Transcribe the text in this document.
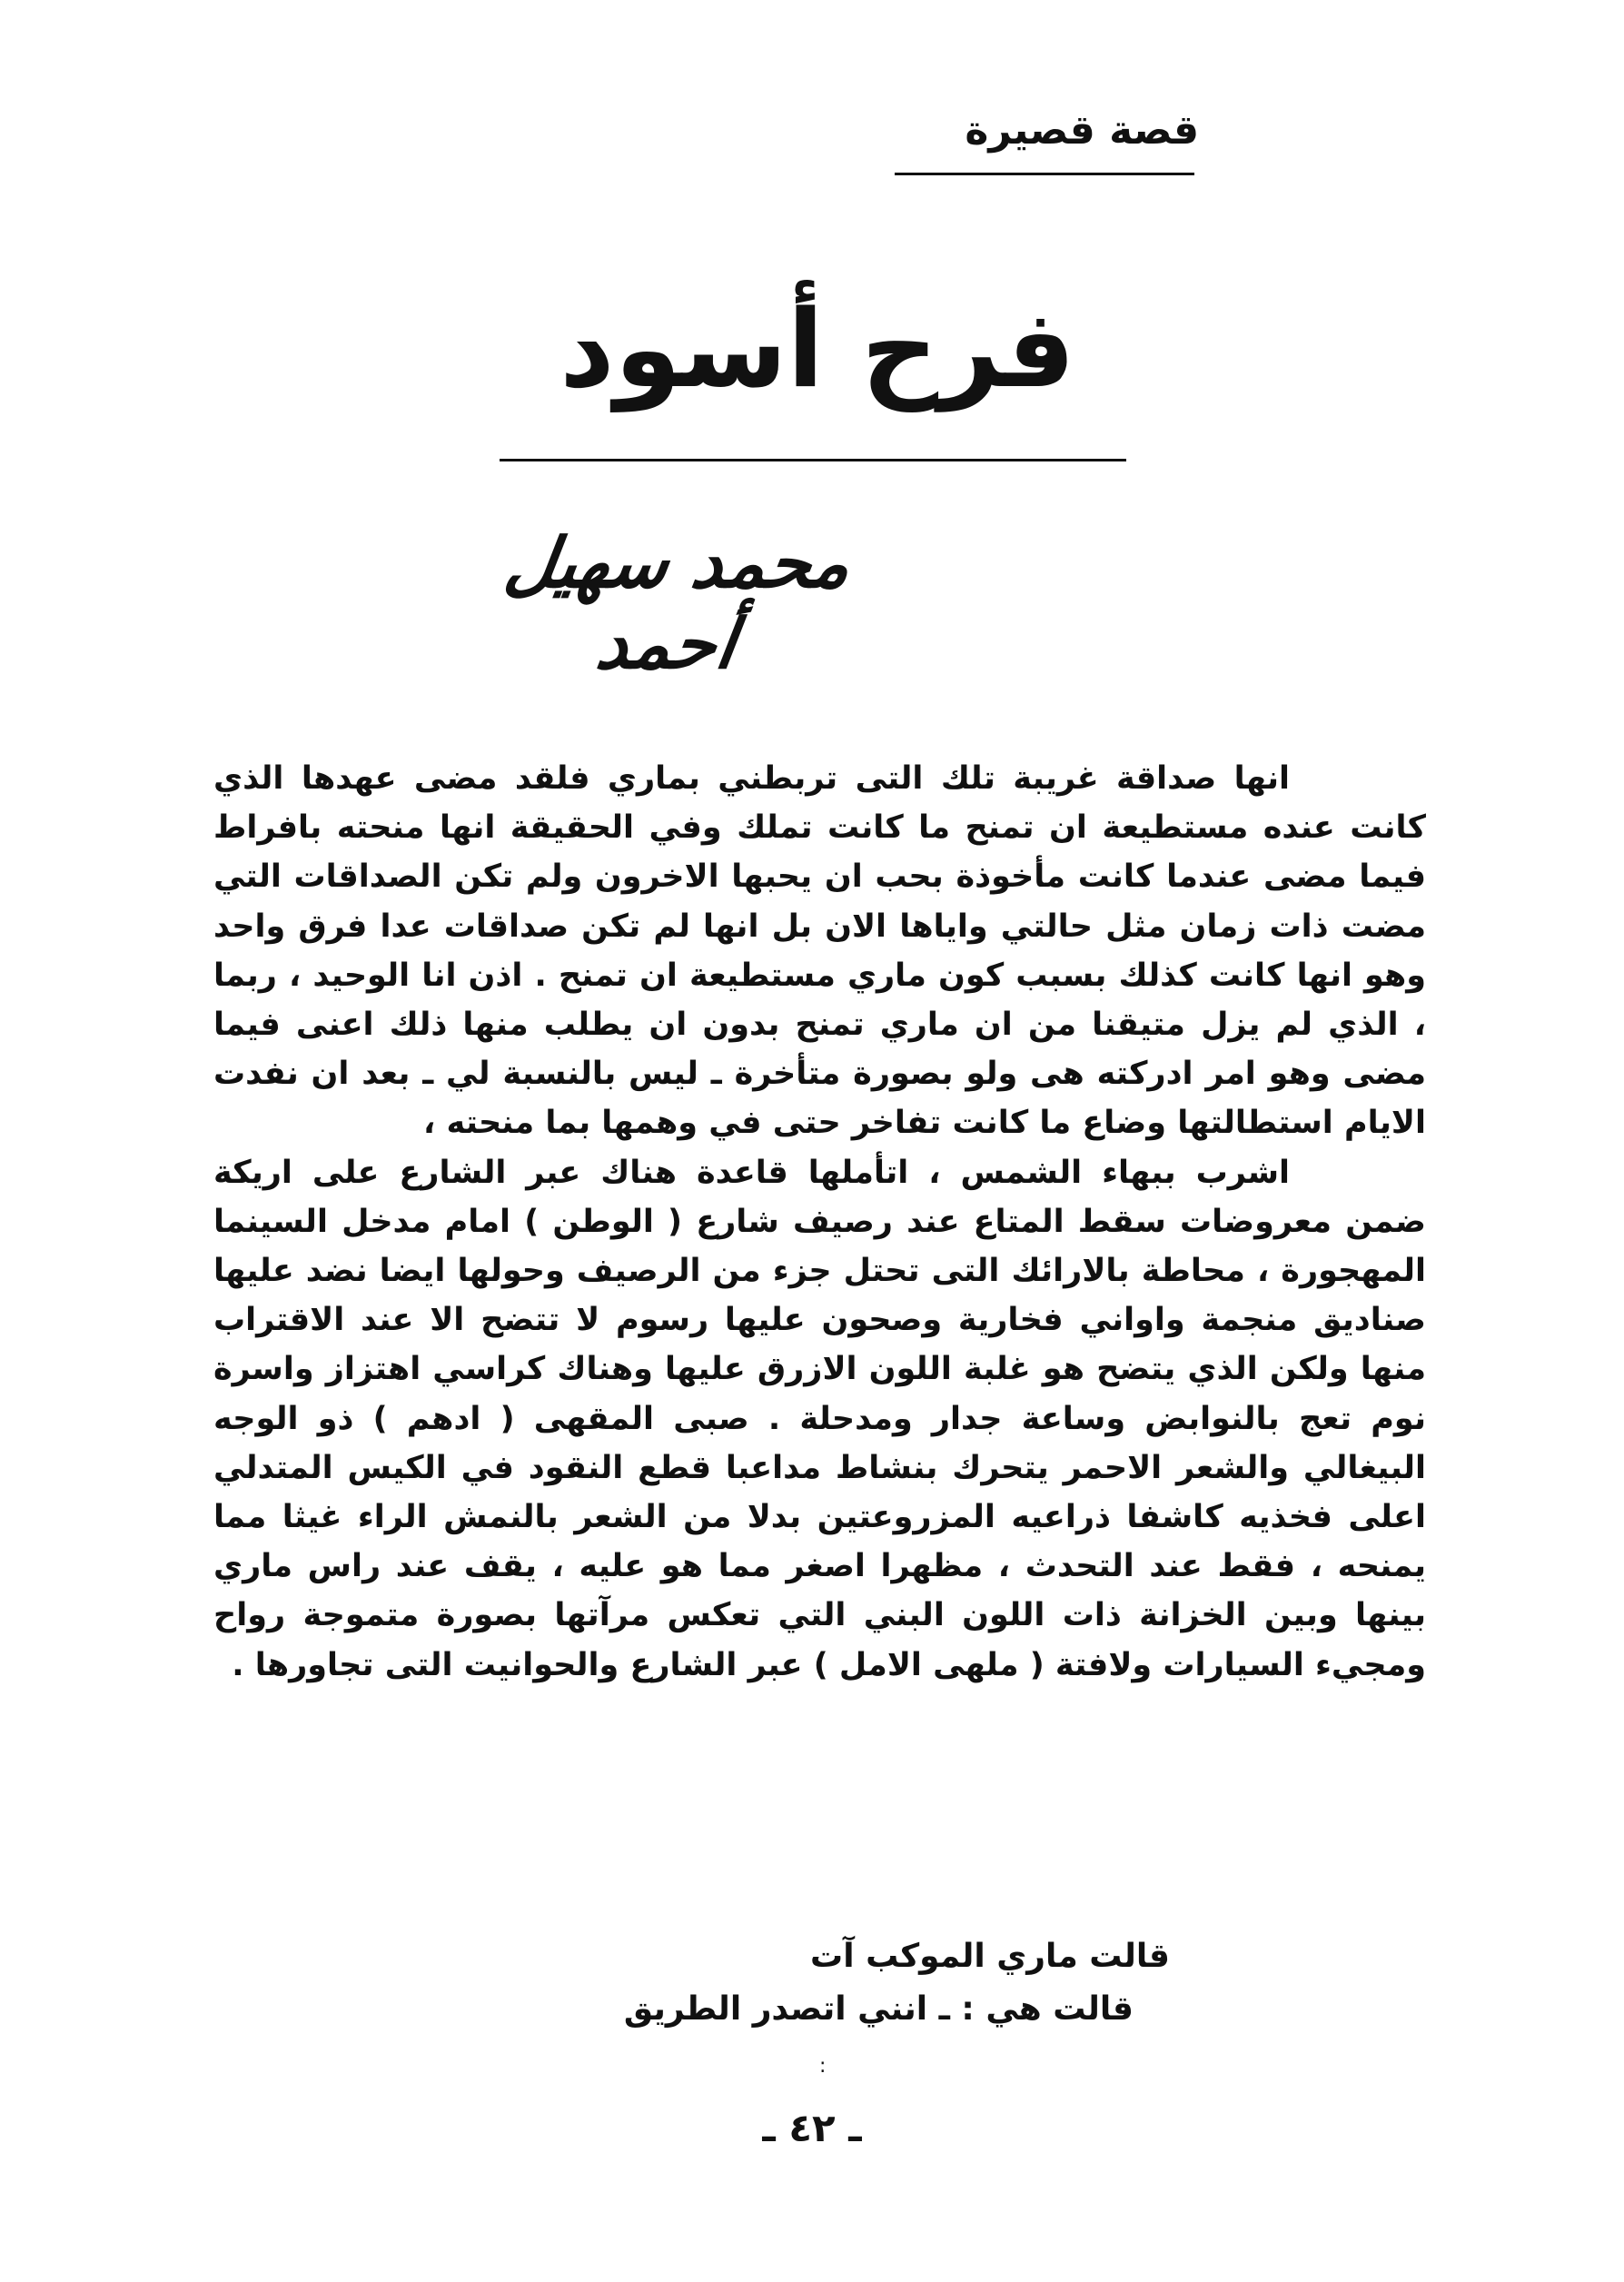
قصة قصيرة
فرح أسود
محمد سهيل أحمد

انها صداقة غريبة تلك التى تربطني بماري فلقد مضى عهدها الذي كانت عنده مستطيعة ان تمنح ما كانت تملك وفي الحقيقة انها منحته بافراط فيما مضى عندما كانت مأخوذة بحب ان يحبها الاخرون ولم تكن الصداقات التي مضت ذات زمان مثل حالتي واياها الان بل انها لم تكن صداقات عدا فرق واحد وهو انها كانت كذلك بسبب كون ماري مستطيعة ان تمنح . اذن انا الوحيد ، ربما ، الذي لم يزل متيقنا من ان ماري تمنح بدون ان يطلب منها ذلك اعنى فيما مضى وهو امر ادركته هى ولو بصورة متأخرة ـ ليس بالنسبة لي ـ بعد ان نفدت الايام استطالتها وضاع ما كانت تفاخر حتى في وهمها بما منحته ،

اشرب ببهاء الشمس ، اتأملها قاعدة هناك عبر الشارع على اريكة ضمن معروضات سقط المتاع عند رصيف شارع ( الوطن ) امام مدخل السينما المهجورة ، محاطة بالارائك التى تحتل جزء من الرصيف وحولها ايضا نضد عليها صناديق منجمة واواني فخارية وصحون عليها رسوم لا تتضح الا عند الاقتراب منها ولكن الذي يتضح هو غلبة اللون الازرق عليها وهناك كراسي اهتزاز واسرة نوم تعج بالنوابض وساعة جدار ومدحلة . صبى المقهى ( ادهم ) ذو الوجه البيغالي والشعر الاحمر يتحرك بنشاط مداعبا قطع النقود في الكيس المتدلي اعلى فخذيه كاشفا ذراعيه المزروعتين بدلا من الشعر بالنمش الراء غيثا مما يمنحه ، فقط عند التحدث ، مظهرا اصغر مما هو عليه ، يقف عند راس ماري بينها وبين الخزانة ذات اللون البني التي تعكس مرآتها بصورة متموجة رواح ومجيء السيارات ولافتة ( ملهى الامل ) عبر الشارع والحوانيت التى تجاورها .

قالت ماري الموكب آت
قالت هي : ـ انني اتصدر الطريق
:
ـ ٤٢ ـ
